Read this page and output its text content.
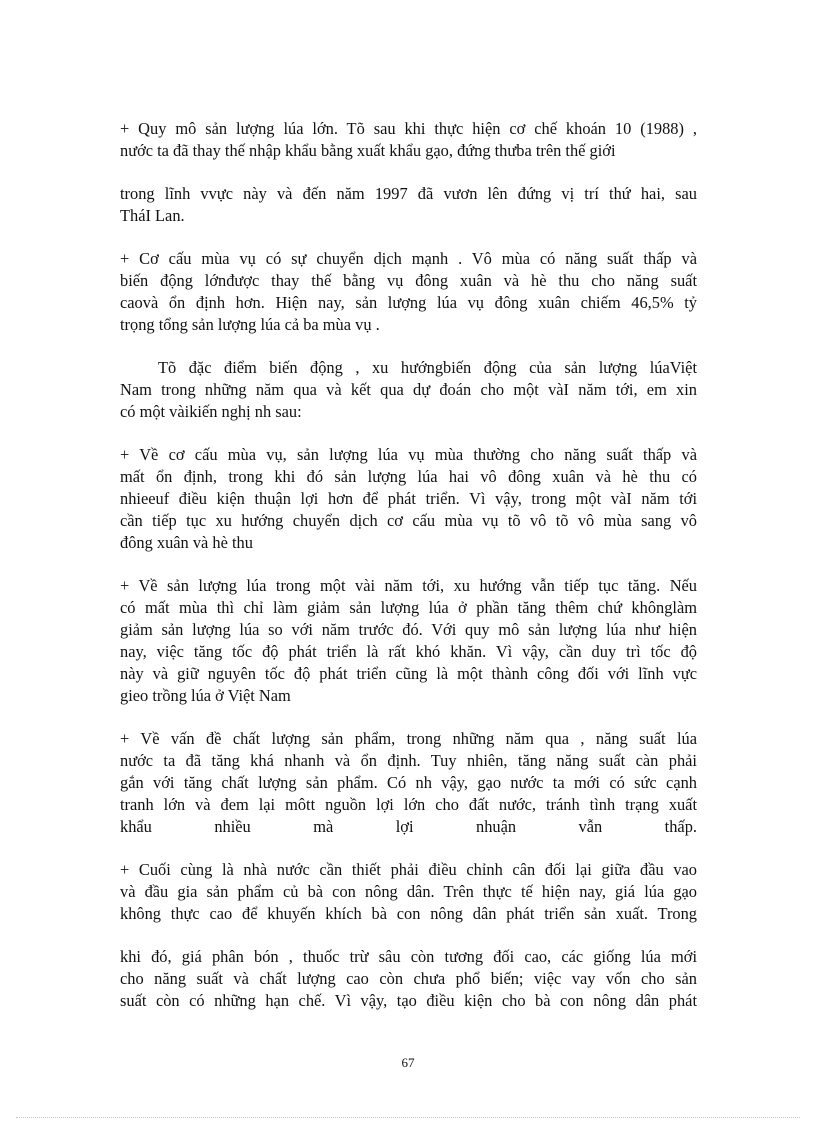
+ Quy mô sản lượng lúa lớn. Tõ sau khi thực hiện cơ chế khoán 10 (1988) ,
nước ta đã thay thế nhập khẩu bằng xuất khẩu gạo, đứng thưba trên thế giới
trong lĩnh vvực này và đến năm 1997 đã vươn lên đứng vị trí thứ hai, sau
TháI Lan.
+ Cơ cấu mùa vụ có sự chuyển dịch mạnh . Vô mùa có năng suất thấp và
biến động lớnđược thay thế bằng vụ đông xuân và hè thu cho năng suất
caovà ổn định hơn. Hiện nay, sản lượng lúa vụ đông xuân chiếm 46,5% tỷ
trọng tổng sản lượng lúa cả ba mùa vụ .
Tõ đặc điểm biến động , xu hướngbiến động của sản lượng lúaViệt
Nam trong những năm qua và kết qua dự đoán cho một vàI năm tới, em xin
có một vàikiến nghị nh sau:
+ Về cơ cấu mùa vụ, sản lượng lúa vụ mùa thường cho năng suất thấp và
mất ổn định, trong khi đó sản lượng lúa hai vô đông xuân và hè thu có
nhieeuf điều kiện thuận lợi hơn để phát triển. Vì vậy, trong một vàI năm tới
cần tiếp tục xu hướng chuyển dịch cơ cấu mùa vụ tõ vô tõ vô mùa sang vô
đông xuân và hè thu
+ Về sản lượng lúa trong một vài năm tới, xu hướng vẫn tiếp tục tăng. Nếu
có mất mùa thì chỉ làm giảm sản lượng lúa ở phần tăng thêm chứ khônglàm
giảm sản lượng lúa so với năm trước đó. Với quy mô sản lượng lúa như hiện
nay, việc tăng tốc độ phát triển là rất khó khăn. Vì vậy, cần duy trì tốc độ
này và giữ nguyên tốc độ phát triển cũng là một thành công đối với lĩnh vực
gieo trồng lúa ở Việt Nam
+ Về vấn đề chất lượng sản phẩm, trong những năm qua , năng suất lúa
nước ta đã tăng khá nhanh và ổn định. Tuy nhiên, tăng năng suất càn phải
gắn với tăng chất lượng sản phẩm. Có nh vậy, gạo nước ta mới có sức cạnh
tranh lớn và đem lại môtt nguồn lợi lớn cho đất nước, tránh tình trạng xuất
khẩu nhiều mà lợi nhuận vẫn thấp.
+ Cuối cùng là nhà nước cần thiết phải điều chỉnh cân đối lại giữa đầu vao
và đầu gia sản phẩm củ bà con nông dân. Trên thực tế hiện nay, giá lúa gạo
không thực cao để khuyến khích bà con nông dân phát triển sản xuất. Trong
khi đó, giá phân bón , thuốc trừ sâu còn tương đối cao, các giống lúa mới
cho năng suất và chất lượng cao còn chưa phổ biến; việc vay vốn cho sản
suất còn có những hạn chế. Vì vậy, tạo điều kiện cho bà con nông dân phát
67
